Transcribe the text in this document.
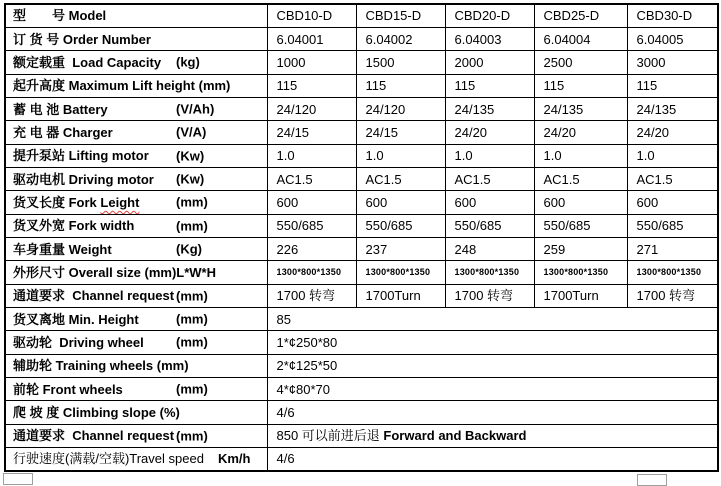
型　　号 Model	CBD10-D	CBD15-D	CBD20-D	CBD25-D	CBD30-D
订 货 号 Order Number	6.04001	6.04002	6.04003	6.04004	6.04005
额定载重  Load Capacity (kg)	1000	1500	2000	2500	3000
起升高度 Maximum Lift height (mm)	115	115	115	115	115
蓄 电 池 Battery (V/Ah)	24/120	24/120	24/135	24/135	24/135
充 电 器 Charger (V/A)	24/15	24/15	24/20	24/20	24/20
提升泵站 Lifting motor (Kw)	1.0	1.0	1.0	1.0	1.0
驱动电机 Driving motor (Kw)	AC1.5	AC1.5	AC1.5	AC1.5	AC1.5
货叉长度 Fork Leight (mm)	600	600	600	600	600
货叉外宽 Fork width (mm)	550/685	550/685	550/685	550/685	550/685
车身重量 Weight (Kg)	226	237	248	259	271
外形尺寸 Overall size (mm)L*W*H	1300*800*1350	1300*800*1350	1300*800*1350	1300*800*1350	1300*800*1350
通道要求  Channel request (mm)	1700 转弯	1700Turn	1700 转弯	1700Turn	1700 转弯
货叉离地 Min. Height (mm)	85				
驱动轮  Driving wheel (mm)	1*¢250*80				
辅助轮 Training wheels (mm)	2*¢125*50				
前轮 Front wheels (mm)	4*¢80*70				
爬 坡 度 Climbing slope (%)	4/6				
通道要求  Channel request (mm)	850 可以前进后退 Forward and Backward				
行驶速度(满载/空载)Travel speed Km/h	4/6				
